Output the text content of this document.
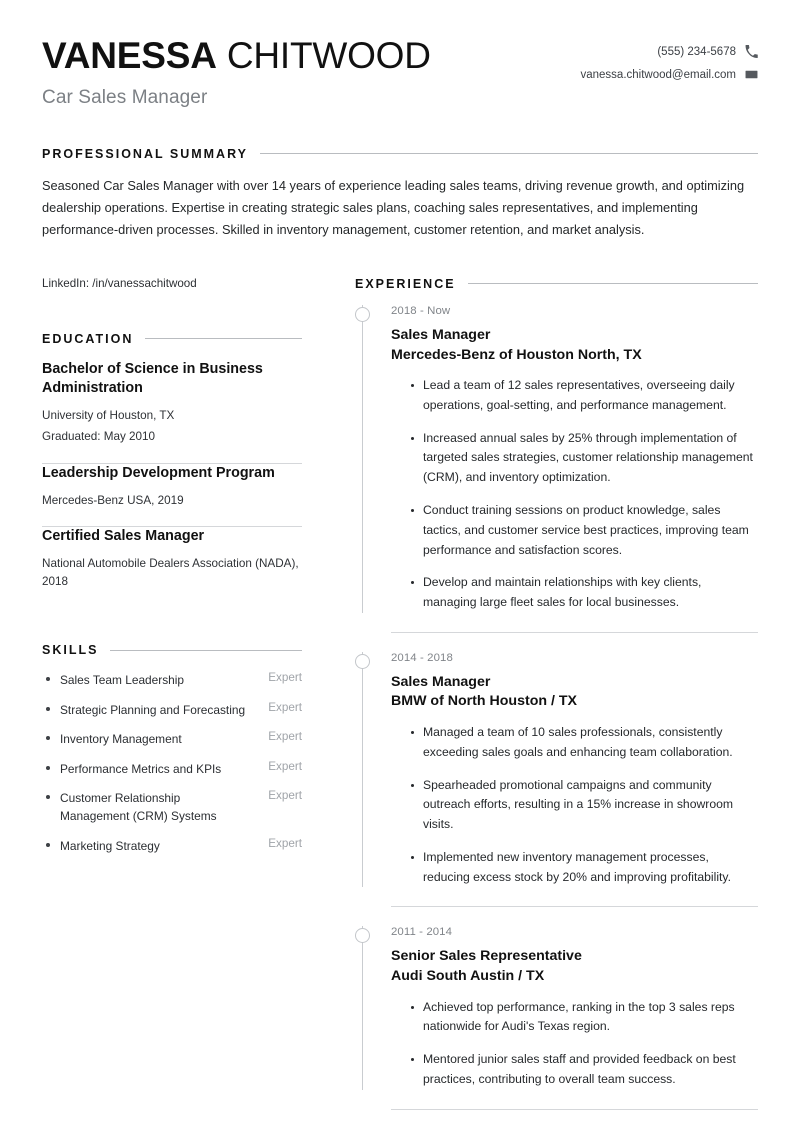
VANESSA CHITWOOD
Car Sales Manager
(555) 234-5678
vanessa.chitwood@email.com
PROFESSIONAL SUMMARY

Seasoned Car Sales Manager with over 14 years of experience leading sales teams, driving revenue growth, and optimizing dealership operations. Expertise in creating strategic sales plans, coaching sales representatives, and implementing performance-driven processes. Skilled in inventory management, customer retention, and market analysis.

LinkedIn: /in/vanessachitwood
EDUCATION
Bachelor of Science in Business Administration
University of Houston, TX
Graduated: May 2010
Leadership Development Program
Mercedes-Benz USA, 2019
Certified Sales Manager
National Automobile Dealers Association (NADA), 2018
SKILLS
Sales Team Leadership	Expert
Strategic Planning and Forecasting	Expert
Inventory Management	Expert
Performance Metrics and KPIs	Expert
Customer Relationship Management (CRM) Systems
Expert
Marketing Strategy	Expert
EXPERIENCE
2018 - Now
Sales Manager
Mercedes-Benz of Houston North, TX
Lead a team of 12 sales representatives, overseeing daily operations, goal-setting, and performance management.
Increased annual sales by 25% through implementation of targeted sales strategies, customer relationship management (CRM), and inventory optimization.
Conduct training sessions on product knowledge, sales tactics, and customer service best practices, improving team performance and satisfaction scores.
Develop and maintain relationships with key clients, managing large fleet sales for local businesses.
2014 - 2018
Sales Manager
BMW of North Houston / TX
Managed a team of 10 sales professionals, consistently exceeding sales goals and enhancing team collaboration.
Spearheaded promotional campaigns and community outreach efforts, resulting in a 15% increase in showroom visits.
Implemented new inventory management processes, reducing excess stock by 20% and improving profitability.
2011 - 2014
Senior Sales Representative
Audi South Austin / TX
Achieved top performance, ranking in the top 3 sales reps nationwide for Audi's Texas region.
Mentored junior sales staff and provided feedback on best practices, contributing to overall team success.
